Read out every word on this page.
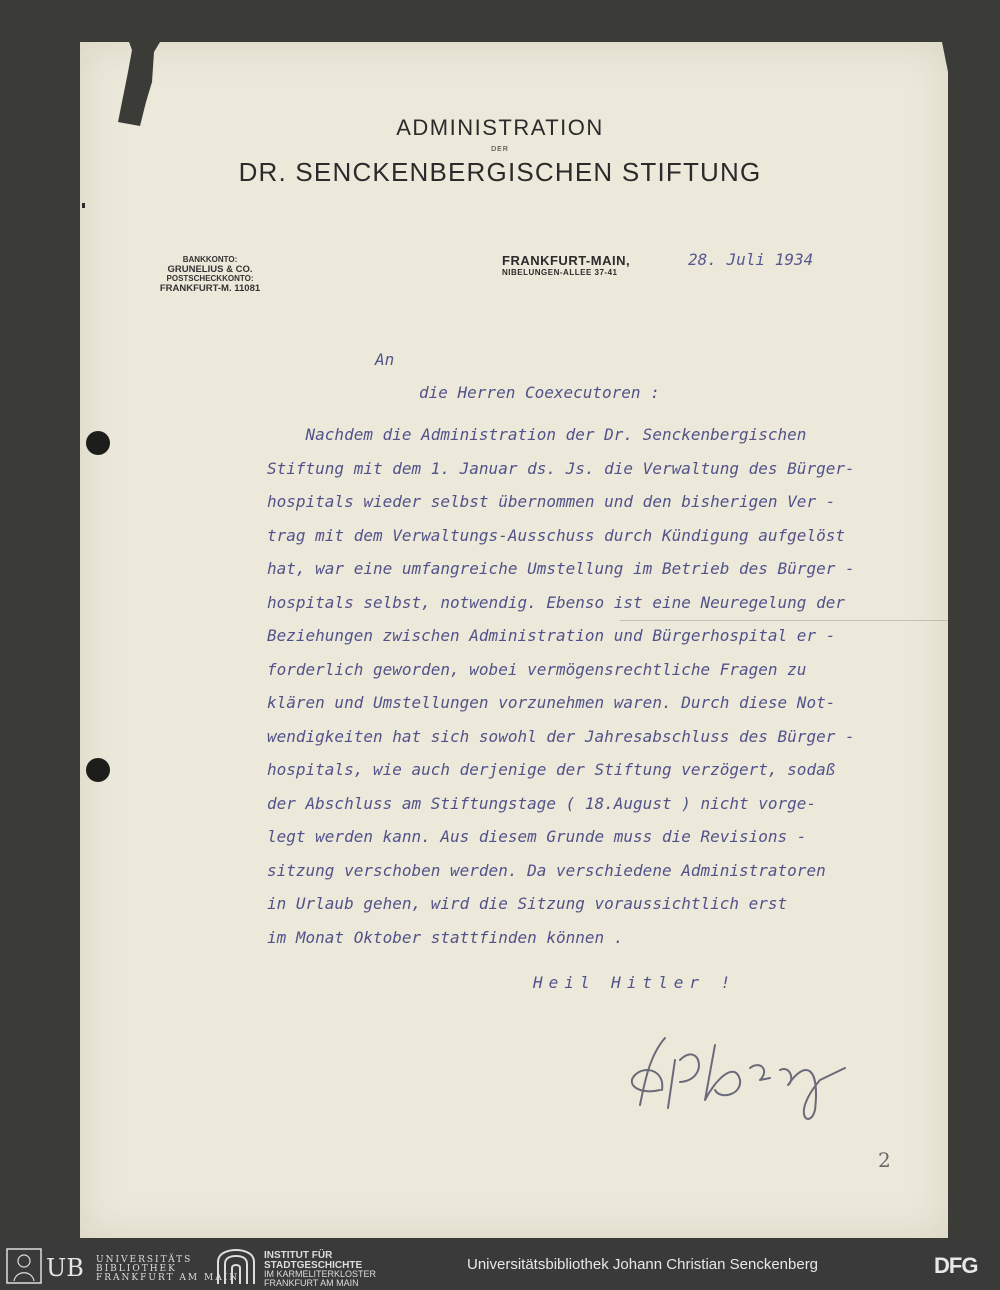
ADMINISTRATION
DER
DR. SENCKENBERGISCHEN STIFTUNG
BANKKONTO:
GRUNELIUS & CO.
POSTSCHECKKONTO:
FRANKFURT-M. 11081
FRANKFURT-MAIN,
NIBELUNGEN-ALLEE 37-41
28. Juli 1934
An
die Herren Coexecutoren :
Nachdem die Administration der Dr. Senckenbergischen
Stiftung mit dem 1. Januar ds. Js. die Verwaltung des Bürger-
hospitals wieder selbst übernommen und den bisherigen Ver -
trag mit dem Verwaltungs-Ausschuss durch Kündigung aufgelöst
hat, war eine umfangreiche Umstellung im Betrieb des Bürger -
hospitals selbst, notwendig. Ebenso ist eine Neuregelung der
Beziehungen zwischen Administration und Bürgerhospital er -
forderlich geworden, wobei vermögensrechtliche Fragen zu
klären und Umstellungen vorzunehmen waren. Durch diese Not-
wendigkeiten hat sich sowohl der Jahresabschluss des Bürger -
hospitals, wie auch derjenige der Stiftung verzögert, sodaß
der Abschluss am Stiftungstage ( 18.August ) nicht vorge-
legt werden kann. Aus diesem Grunde muss die Revisions -
sitzung verschoben werden. Da verschiedene Administratoren
in Urlaub gehen, wird die Sitzung voraussichtlich erst
im Monat Oktober stattfinden können .
Heil Hitler !
2
UB UNIVERSITÄTS
BIBLIOTHEK
FRANKFURT AM MAIN
INSTITUT FÜR
STADTGESCHICHTE
IM KARMELITERKLOSTER
FRANKFURT AM MAIN
Universitätsbibliothek Johann Christian Senckenberg	DFG
